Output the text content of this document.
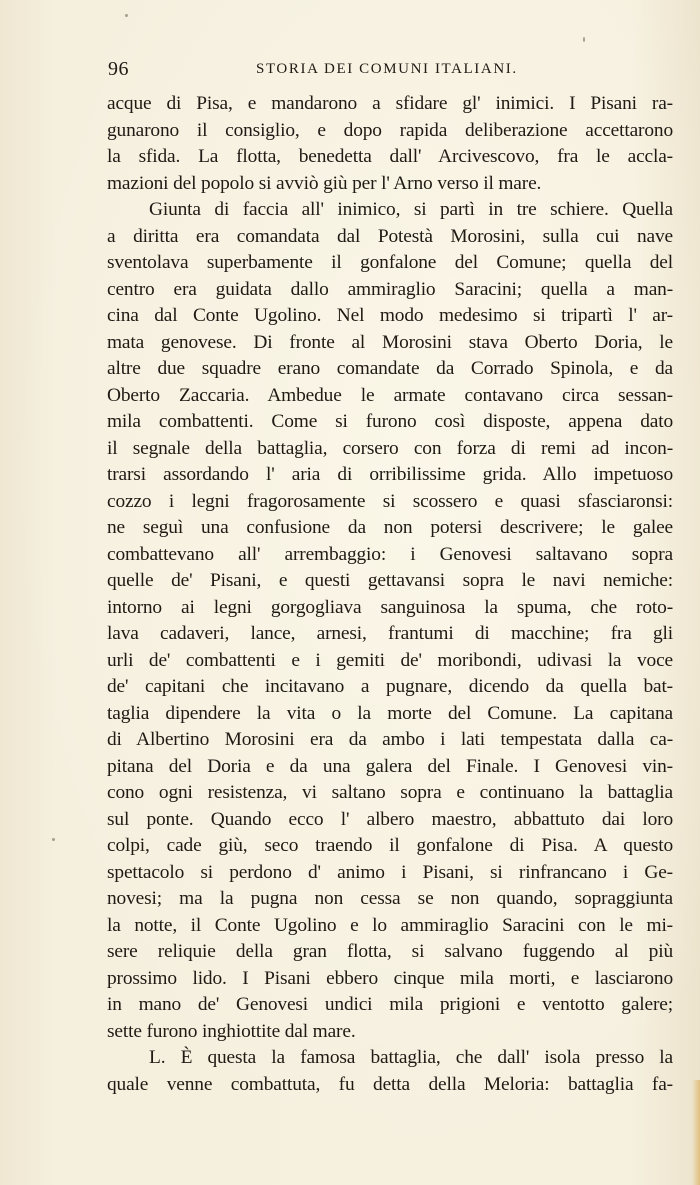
96	STORIA DEI COMUNI ITALIANI.
acque di Pisa, e mandarono a sfidare gl' inimici. I Pisani ra-
gunarono il consiglio, e dopo rapida deliberazione accettarono
la sfida. La flotta, benedetta dall' Arcivescovo, fra le accla-
mazioni del popolo si avviò giù per l' Arno verso il mare.
Giunta di faccia all' inimico, si partì in tre schiere. Quella
a diritta era comandata dal Potestà Morosini, sulla cui nave
sventolava superbamente il gonfalone del Comune; quella del
centro era guidata dallo ammiraglio Saracini; quella a man-
cina dal Conte Ugolino. Nel modo medesimo si tripartì l' ar-
mata genovese. Di fronte al Morosini stava Oberto Doria, le
altre due squadre erano comandate da Corrado Spinola, e da
Oberto Zaccaria. Ambedue le armate contavano circa sessan-
mila combattenti. Come si furono così disposte, appena dato
il segnale della battaglia, corsero con forza di remi ad incon-
trarsi assordando l' aria di orribilissime grida. Allo impetuoso
cozzo i legni fragorosamente si scossero e quasi sfasciaronsi:
ne seguì una confusione da non potersi descrivere; le galee
combattevano all' arrembaggio: i Genovesi saltavano sopra
quelle de' Pisani, e questi gettavansi sopra le navi nemiche:
intorno ai legni gorgogliava sanguinosa la spuma, che roto-
lava cadaveri, lance, arnesi, frantumi di macchine; fra gli
urli de' combattenti e i gemiti de' moribondi, udivasi la voce
de' capitani che incitavano a pugnare, dicendo da quella bat-
taglia dipendere la vita o la morte del Comune. La capitana
di Albertino Morosini era da ambo i lati tempestata dalla ca-
pitana del Doria e da una galera del Finale. I Genovesi vin-
cono ogni resistenza, vi saltano sopra e continuano la battaglia
sul ponte. Quando ecco l' albero maestro, abbattuto dai loro
colpi, cade giù, seco traendo il gonfalone di Pisa. A questo
spettacolo si perdono d' animo i Pisani, si rinfrancano i Ge-
novesi; ma la pugna non cessa se non quando, sopraggiunta
la notte, il Conte Ugolino e lo ammiraglio Saracini con le mi-
sere reliquie della gran flotta, si salvano fuggendo al più
prossimo lido. I Pisani ebbero cinque mila morti, e lasciarono
in mano de' Genovesi undici mila prigioni e ventotto galere;
sette furono inghiottite dal mare.
L. È questa la famosa battaglia, che dall' isola presso la
quale venne combattuta, fu detta della Meloria: battaglia fa-
